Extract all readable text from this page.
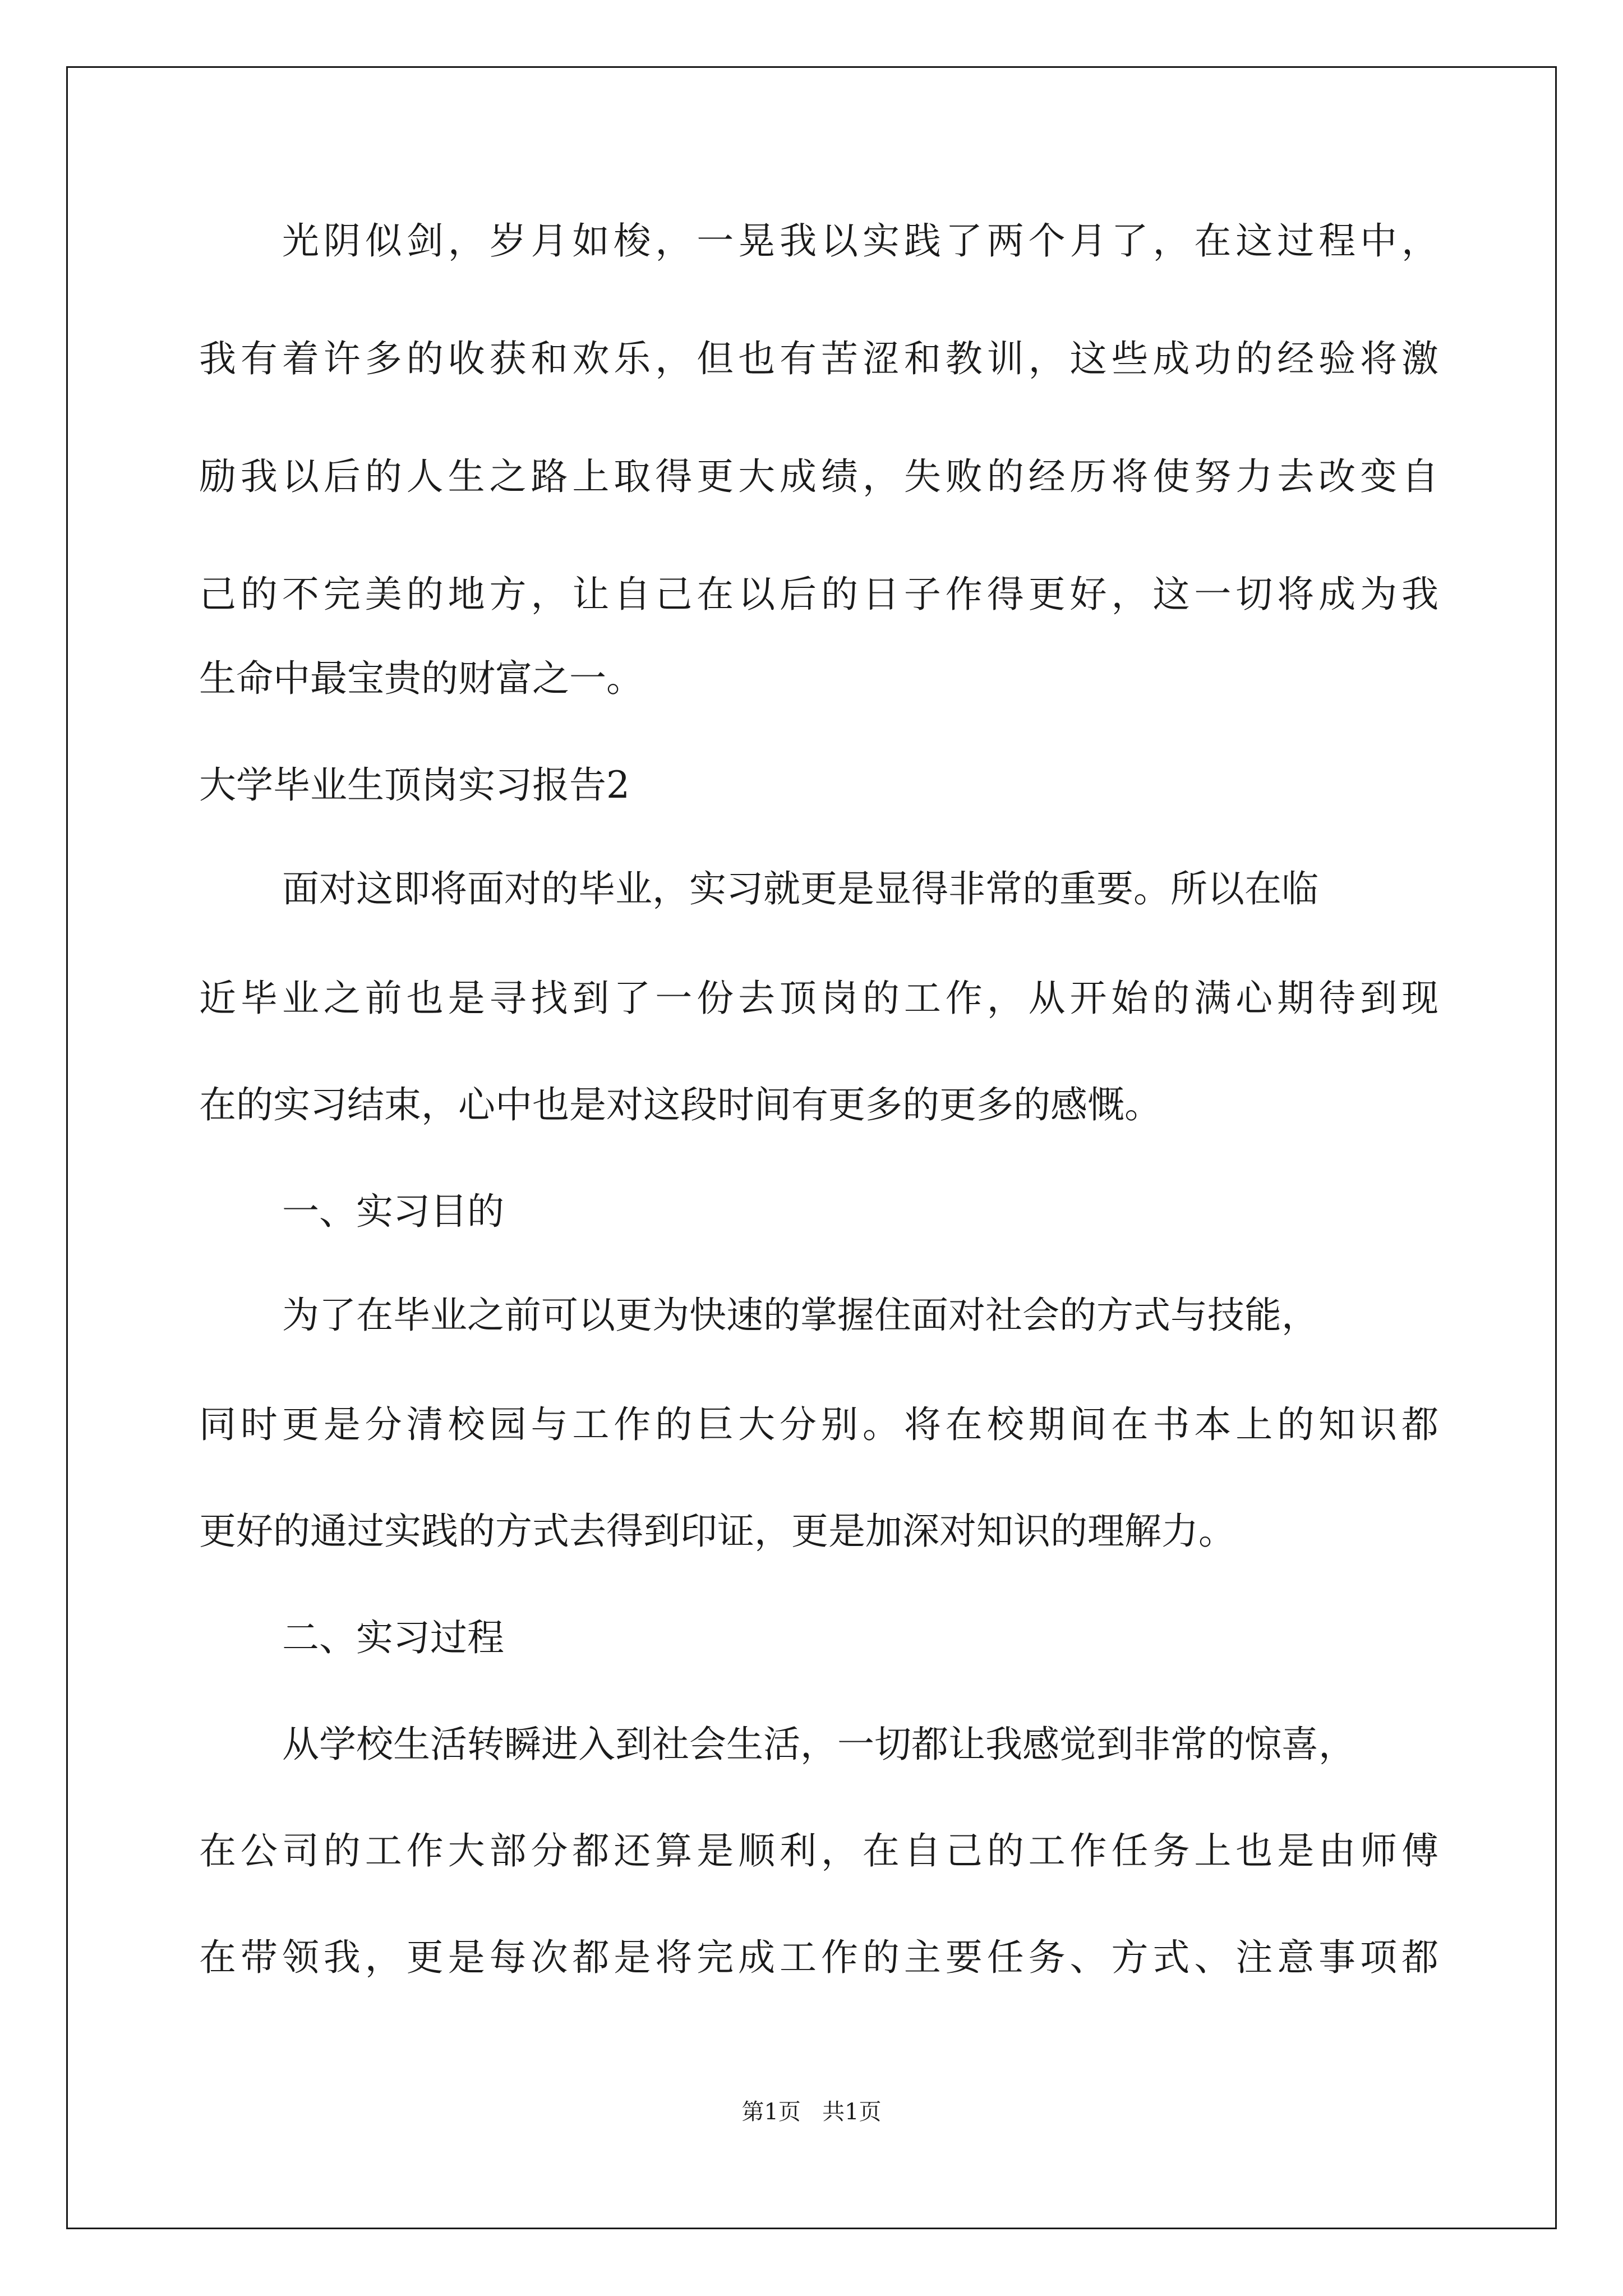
光阴似剑，岁月如梭，一晃我以实践了两个月了，在这过程中，
我有着许多的收获和欢乐，但也有苦涩和教训，这些成功的经验将激
励我以后的人生之路上取得更大成绩，失败的经历将使努力去改变自
己的不完美的地方，让自己在以后的日子作得更好，这一切将成为我
生命中最宝贵的财富之一。
大学毕业生顶岗实习报告2
面对这即将面对的毕业，实习就更是显得非常的重要。所以在临
近毕业之前也是寻找到了一份去顶岗的工作，从开始的满心期待到现
在的实习结束，心中也是对这段时间有更多的更多的感慨。
一、实习目的
为了在毕业之前可以更为快速的掌握住面对社会的方式与技能，
同时更是分清校园与工作的巨大分别。将在校期间在书本上的知识都
更好的通过实践的方式去得到印证，更是加深对知识的理解力。
二、实习过程
从学校生活转瞬进入到社会生活，一切都让我感觉到非常的惊喜，
在公司的工作大部分都还算是顺利，在自己的工作任务上也是由师傅
在带领我，更是每次都是将完成工作的主要任务、方式、注意事项都
第1页 共1页
